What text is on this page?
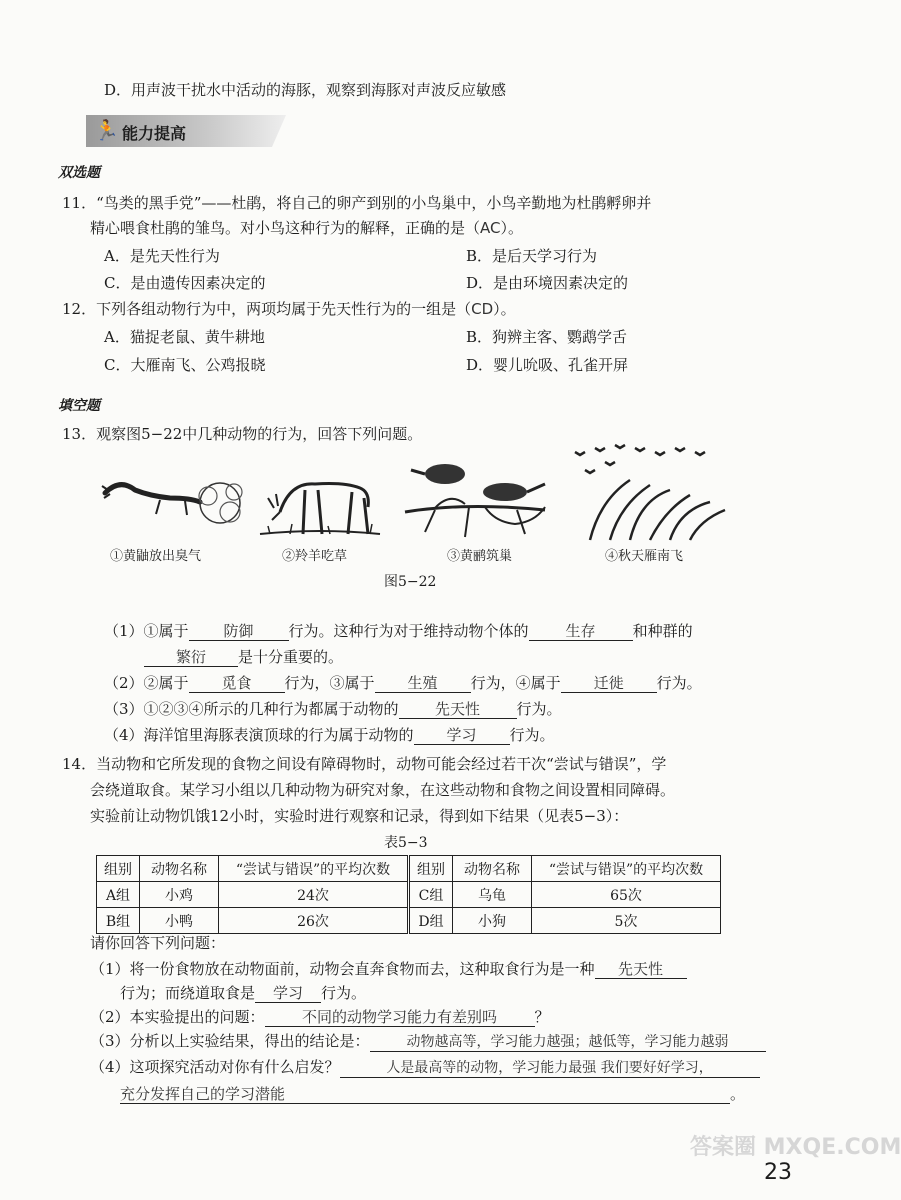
D．用声波干扰水中活动的海豚，观察到海豚对声波反应敏感
🏃 能力提高
双选题
11．“鸟类的黑手党”——杜鹃，将自己的卵产到别的小鸟巢中，小鸟辛勤地为杜鹃孵卵并
精心喂食杜鹃的雏鸟。对小鸟这种行为的解释，正确的是（AC）。
A．是先天性行为	B．是后天学习行为
C．是由遗传因素决定的	D．是由环境因素决定的
12．下列各组动物行为中，两项均属于先天性行为的一组是（CD）。
A．猫捉老鼠、黄牛耕地	B．狗辨主客、鹦鹉学舌
C．大雁南飞、公鸡报晓	D．婴儿吮吸、孔雀开屏
填空题
13．观察图5−22中几种动物的行为，回答下列问题。
①黄鼬放出臭气	②羚羊吃草	③黄鹂筑巢	④秋天雁南飞
图5−22
（1）①属于 防御 行为。这种行为对于维持动物个体的 生存 和种群的
繁衍 是十分重要的。
（2）②属于 觅食 行为，③属于 生殖 行为，④属于 迁徙 行为。
（3）①②③④所示的几种行为都属于动物的 先天性 行为。
（4）海洋馆里海豚表演顶球的行为属于动物的 学习 行为。
14．当动物和它所发现的食物之间设有障碍物时，动物可能会经过若干次“尝试与错误”，学
会绕道取食。某学习小组以几种动物为研究对象，在这些动物和食物之间设置相同障碍。
实验前让动物饥饿12小时，实验时进行观察和记录，得到如下结果（见表5−3）：
表5−3
组别	动物名称	“尝试与错误”的平均次数	组别	动物名称	“尝试与错误”的平均次数
A组	小鸡	24次	C组	乌龟	65次
B组	小鸭	26次	D组	小狗	5次
请你回答下列问题：
（1）将一份食物放在动物面前，动物会直奔食物而去，这种取食行为是一种 先天性
行为；而绕道取食是 学习 行为。
（2）本实验提出的问题： 不同的动物学习能力有差别吗	？
（3）分析以上实验结果，得出的结论是：	动物越高等，学习能力越强；越低等，学习能力越弱
（4）这项探究活动对你有什么启发？	人是最高等的动物，学习能力最强 我们要好好学习，
充分发挥自己的学习潜能	。
答案圈 MXQE.COM
23
